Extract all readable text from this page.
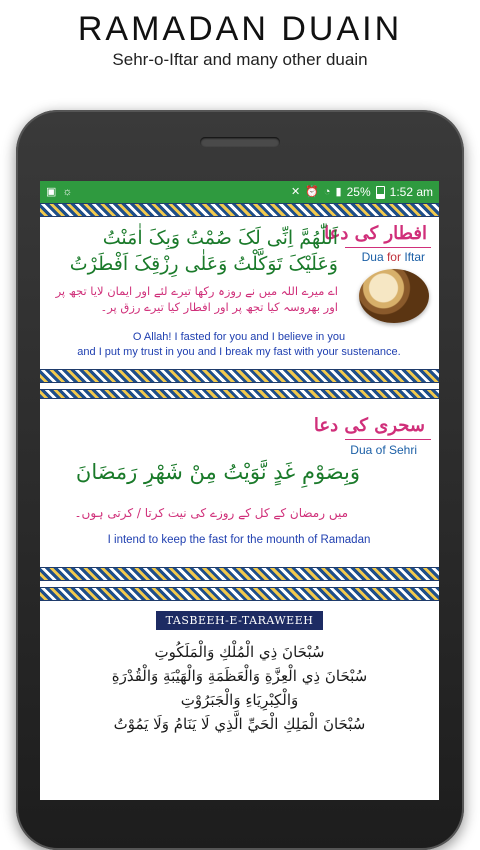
RAMADAN DUAIN
Sehr-o-Iftar and many other duain
▣ ☼	✕ ⏰ ◔ ▮ 25% 1:52 am
افطار کی دعا
Dua for Iftar
اَللّٰھُمَّ اِنِّی لَکَ صُمْتُ وَبِکَ اٰمَنْتُ
وَعَلَیْکَ تَوَکَّلْتُ وَعَلٰی رِزْقِکَ اَفْطَرْتُ
اے میرے اللہ میں نے روزہ رکھا تیرے لئے اور ایمان لایا تجھ پر
اور بھروسہ کیا تجھ پر اور افطار کیا تیرے رزق پر۔
O Allah! I fasted for you and I believe in you
and I put my trust in you and I break my fast with your sustenance.
سحری کی دعا
Dua of Sehri
وَبِصَوْمِ غَدٍ نَّوَیْتُ مِنْ شَھْرِ رَمَضَانَ
میں رمضان کے کل کے روزے کی نیت کرتا / کرتی ہوں۔
I intend to keep the fast for the mounth of Ramadan
TASBEEH-E-TARAWEEH
سُبْحَانَ ذِي الْمُلْكِ وَالْمَلَكُوتِ
سُبْحَانَ ذِي الْعِزَّةِ وَالْعَظَمَةِ وَالْهَيْبَةِ وَالْقُدْرَةِ
وَالْكِبْرِيَاءِ وَالْجَبَرُوْتِ
سُبْحَانَ الْمَلِكِ الْحَيِّ الَّذِي لَا يَنَامُ وَلَا يَمُوْتُ
